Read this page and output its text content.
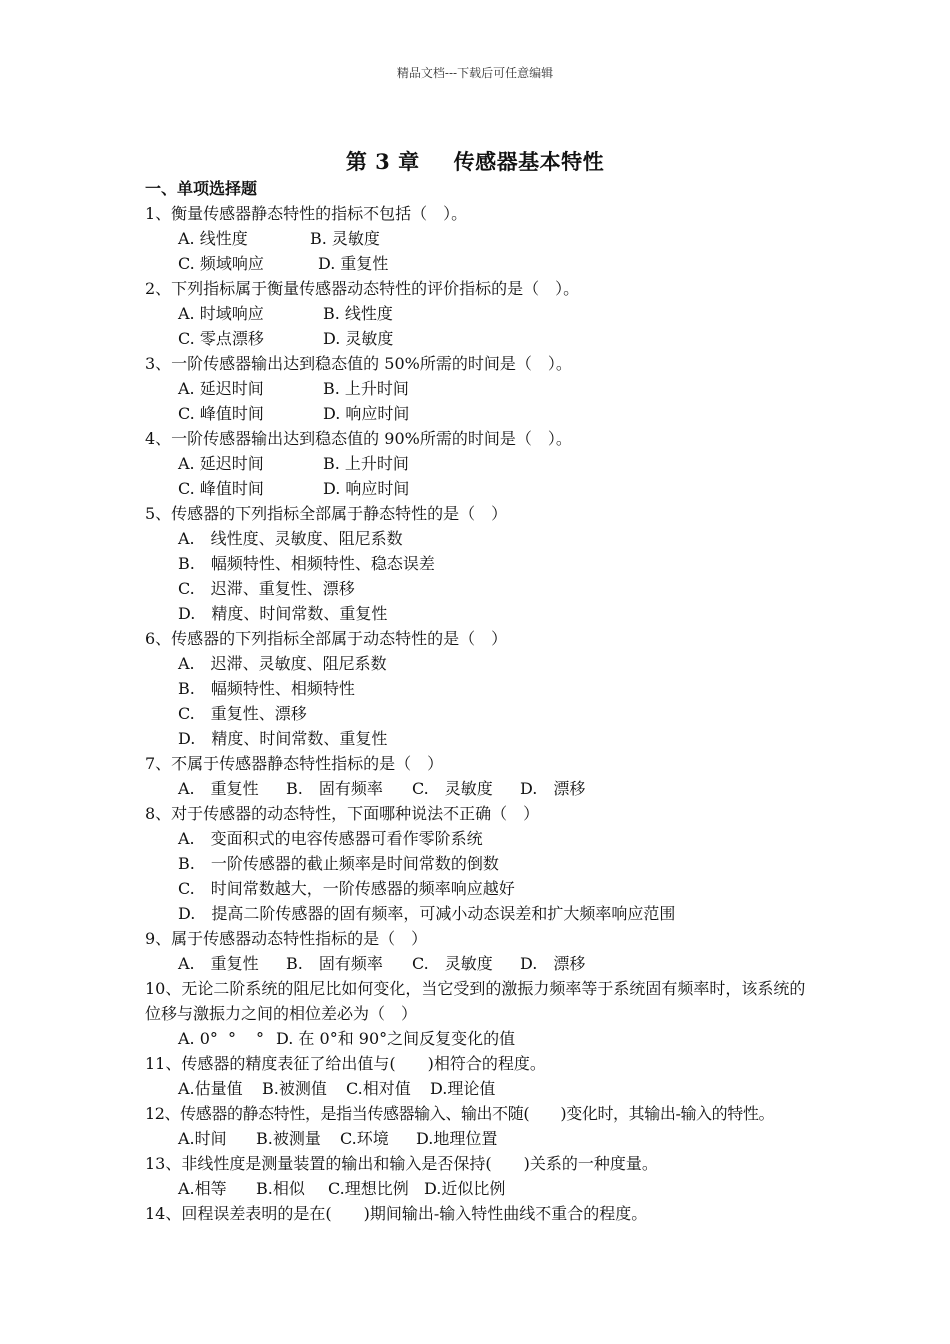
精品文档---下载后可任意编辑
第 3 章 传感器基本特性
一、单项选择题
1、衡量传感器静态特性的指标不包括（　）。
A. 线性度	B. 灵敏度
C. 频域响应	D. 重复性
2、下列指标属于衡量传感器动态特性的评价指标的是（　）。
A. 时域响应	B. 线性度
C. 零点漂移	D. 灵敏度
3、一阶传感器输出达到稳态值的 50%所需的时间是（　）。
A. 延迟时间	B. 上升时间
C. 峰值时间	D. 响应时间
4、一阶传感器输出达到稳态值的 90%所需的时间是（　）。
A. 延迟时间	B. 上升时间
C. 峰值时间	D. 响应时间
5、传感器的下列指标全部属于静态特性的是（　）
A.　线性度、灵敏度、阻尼系数
B.　幅频特性、相频特性、稳态误差
C.　迟滞、重复性、漂移
D.　精度、时间常数、重复性
6、传感器的下列指标全部属于动态特性的是（　）
A.　迟滞、灵敏度、阻尼系数
B.　幅频特性、相频特性
C.　重复性、漂移
D.　精度、时间常数、重复性
7、不属于传感器静态特性指标的是（　）
A.　重复性 B.　固有频率 C.　灵敏度 D.　漂移
8、对于传感器的动态特性，下面哪种说法不正确（　）
A.　变面积式的电容传感器可看作零阶系统
B.　一阶传感器的截止频率是时间常数的倒数
C.　时间常数越大，一阶传感器的频率响应越好
D.　提高二阶传感器的固有频率，可减小动态误差和扩大频率响应范围
9、属于传感器动态特性指标的是（　）
A.　重复性 B.　固有频率 C.　灵敏度 D.　漂移
10、无论二阶系统的阻尼比如何变化，当它受到的激振力频率等于系统固有频率时，该系统的位移与激振力之间的相位差必为（　）
A. 0° ° ° D. 在 0°和 90°之间反复变化的值
11、传感器的精度表征了给出值与(　　)相符合的程度。
A.估量值 B.被测值 C.相对值 D.理论值
12、传感器的静态特性，是指当传感器输入、输出不随(　　)变化时，其输出-输入的特性。
A.时间 B.被测量 C.环境 D.地理位置
13、非线性度是测量装置的输出和输入是否保持(　　)关系的一种度量。
A.相等 B.相似 C.理想比例 D.近似比例
14、回程误差表明的是在(　　)期间输出-输入特性曲线不重合的程度。
